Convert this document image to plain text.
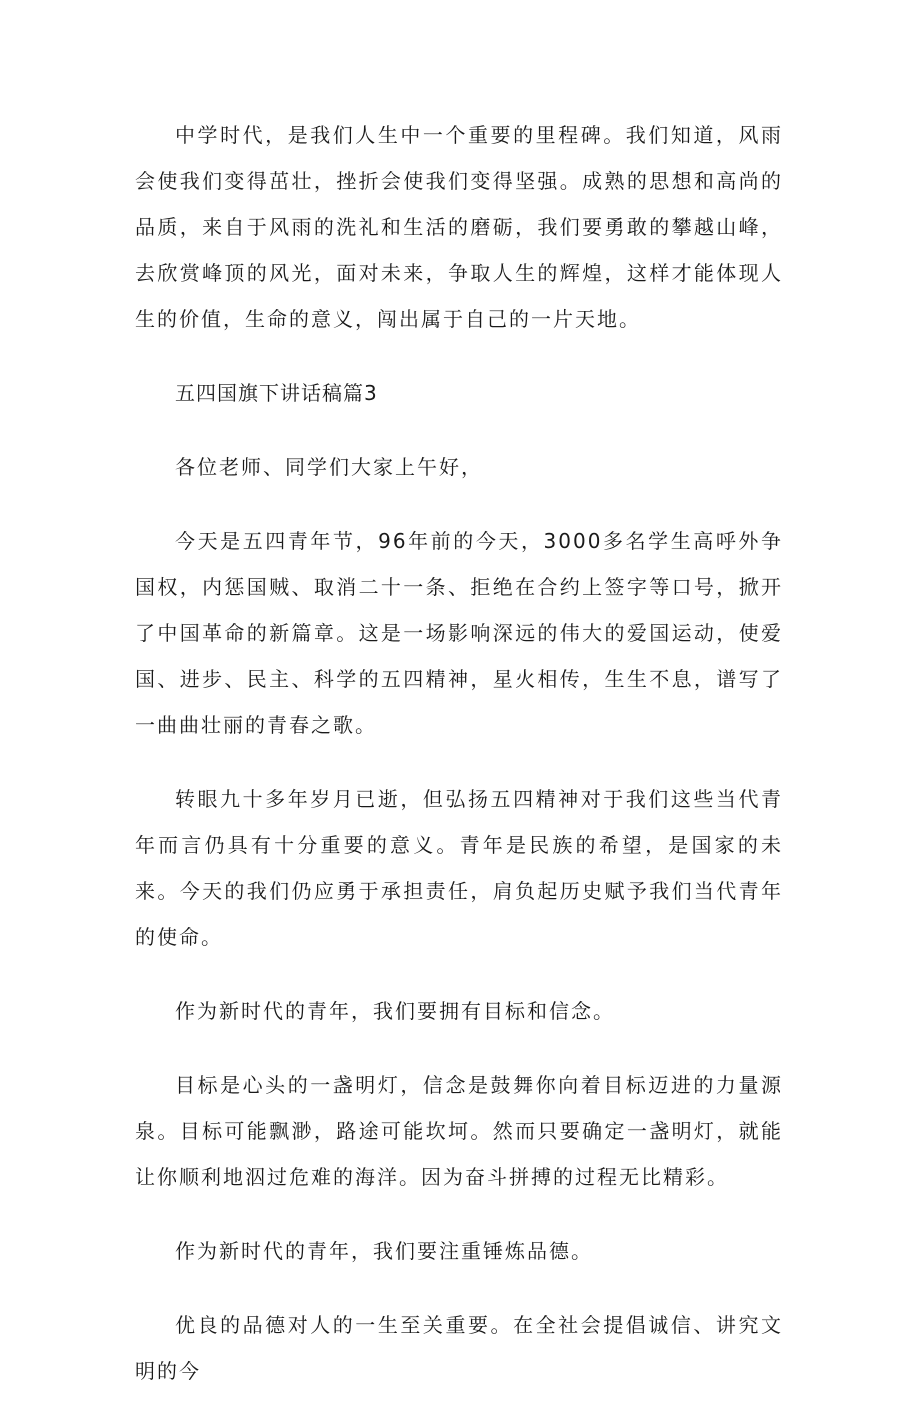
中学时代，是我们人生中一个重要的里程碑。我们知道，风雨会使我们变得茁壮，挫折会使我们变得坚强。成熟的思想和高尚的品质，来自于风雨的洗礼和生活的磨砺，我们要勇敢的攀越山峰，去欣赏峰顶的风光，面对未来，争取人生的辉煌，这样才能体现人生的价值，生命的意义，闯出属于自己的一片天地。

五四国旗下讲话稿篇3

各位老师、同学们大家上午好，

今天是五四青年节，96年前的今天，3000多名学生高呼外争国权，内惩国贼、取消二十一条、拒绝在合约上签字等口号，掀开了中国革命的新篇章。这是一场影响深远的伟大的爱国运动，使爱国、进步、民主、科学的五四精神，星火相传，生生不息，谱写了一曲曲壮丽的青春之歌。

转眼九十多年岁月已逝，但弘扬五四精神对于我们这些当代青年而言仍具有十分重要的意义。青年是民族的希望，是国家的未来。今天的我们仍应勇于承担责任，肩负起历史赋予我们当代青年的使命。

作为新时代的青年，我们要拥有目标和信念。

目标是心头的一盏明灯，信念是鼓舞你向着目标迈进的力量源泉。目标可能飘渺，路途可能坎坷。然而只要确定一盏明灯，就能让你顺利地泅过危难的海洋。因为奋斗拼搏的过程无比精彩。

作为新时代的青年，我们要注重锤炼品德。

优良的品德对人的一生至关重要。在全社会提倡诚信、讲究文明的今
